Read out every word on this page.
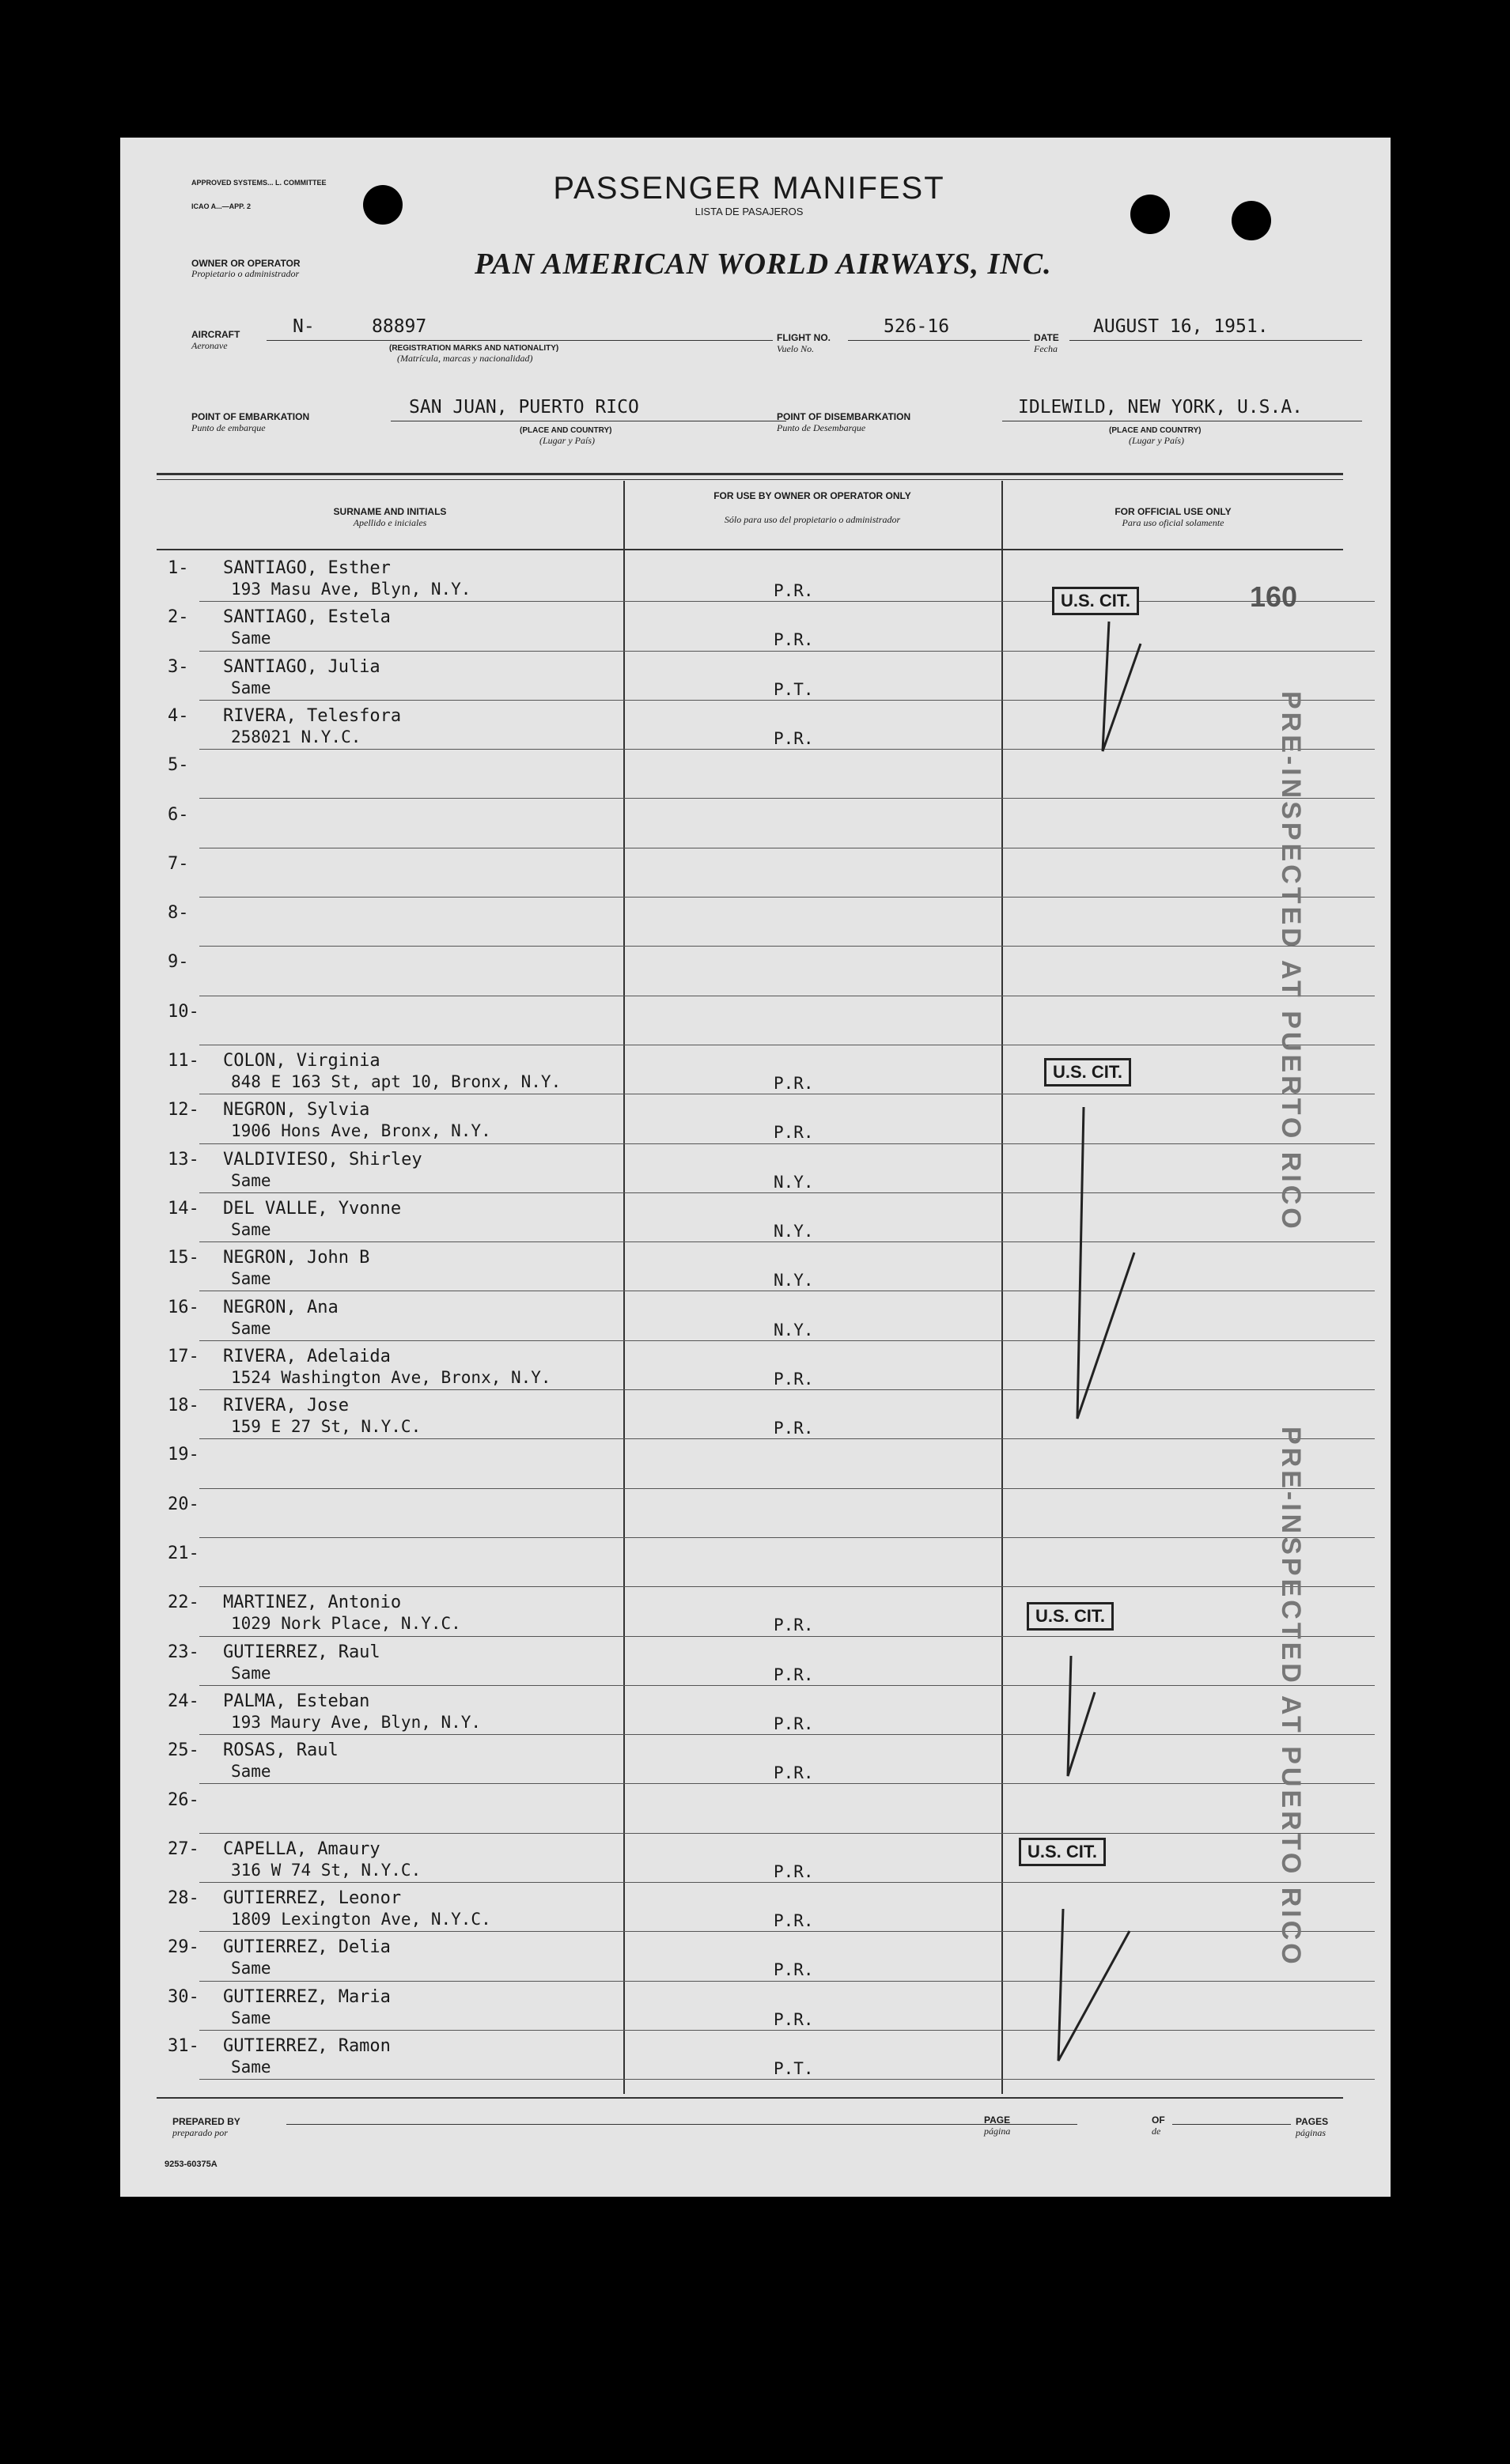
APPROVED SYSTEMS... L. COMMITTEE
ICAO A...—APP. 2
PASSENGER MANIFEST
LISTA DE PASAJEROS
OWNER OR OPERATOR
Propietario o administrador	PAN AMERICAN WORLD AIRWAYS, INC.
AIRCRAFT
Aeronave
N-	88897
(REGISTRATION MARKS AND NATIONALITY)
(Matrícula, marcas y nacionalidad)
FLIGHT NO.
Vuelo No.
526-16
DATE
Fecha
AUGUST 16, 1951.
POINT OF EMBARKATION
Punto de embarque
SAN JUAN, PUERTO RICO
(PLACE AND COUNTRY)
(Lugar y País)
POINT OF DISEMBARKATION
Punto de Desembarque
IDLEWILD, NEW YORK, U.S.A.
(PLACE AND COUNTRY)
(Lugar y País)
SURNAME AND INITIALS
Apellido e iniciales
FOR USE BY OWNER OR OPERATOR ONLY
Sólo para uso del propietario o administrador
FOR OFFICIAL USE ONLY
Para uso oficial solamente
1- SANTIAGO, Esther
193 Masu Ave, Blyn, N.Y.	P.R.
2- SANTIAGO, Estela
Same	P.R.
3- SANTIAGO, Julia
Same	P.T.
4- RIVERA, Telesfora
258021 N.Y.C.	P.R.
5-
6-
7-
8-
9-
10-
11- COLON, Virginia
848 E 163 St, apt 10, Bronx, N.Y.	P.R.
12- NEGRON, Sylvia
1906 Hons Ave, Bronx, N.Y.	P.R.
13- VALDIVIESO, Shirley
Same	N.Y.
14- DEL VALLE, Yvonne
Same	N.Y.
15- NEGRON, John B
Same	N.Y.
16- NEGRON, Ana
Same	N.Y.
17- RIVERA, Adelaida
1524 Washington Ave, Bronx, N.Y.	P.R.
18- RIVERA, Jose
159 E 27 St, N.Y.C.	P.R.
19-
20-
21-
22- MARTINEZ, Antonio
1029 Nork Place, N.Y.C.	P.R.
23- GUTIERREZ, Raul
Same	P.R.
24- PALMA, Esteban
193 Maury Ave, Blyn, N.Y.	P.R.
25- ROSAS, Raul
Same	P.R.
26-
27- CAPELLA, Amaury
316 W 74 St, N.Y.C.	P.R.
28- GUTIERREZ, Leonor
1809 Lexington Ave, N.Y.C.	P.R.
29- GUTIERREZ, Delia
Same	P.R.
30- GUTIERREZ, Maria
Same	P.R.
31- GUTIERREZ, Ramon
Same	P.T.
U.S. CIT.	160
U.S. CIT.
U.S. CIT.
U.S. CIT.
PRE-INSPECTED AT PUERTO RICO
PRE-INSPECTED AT PUERTO RICO
PREPARED BY
preparado por
PAGE
página
OF
de
PAGES
páginas
9253-60375A
